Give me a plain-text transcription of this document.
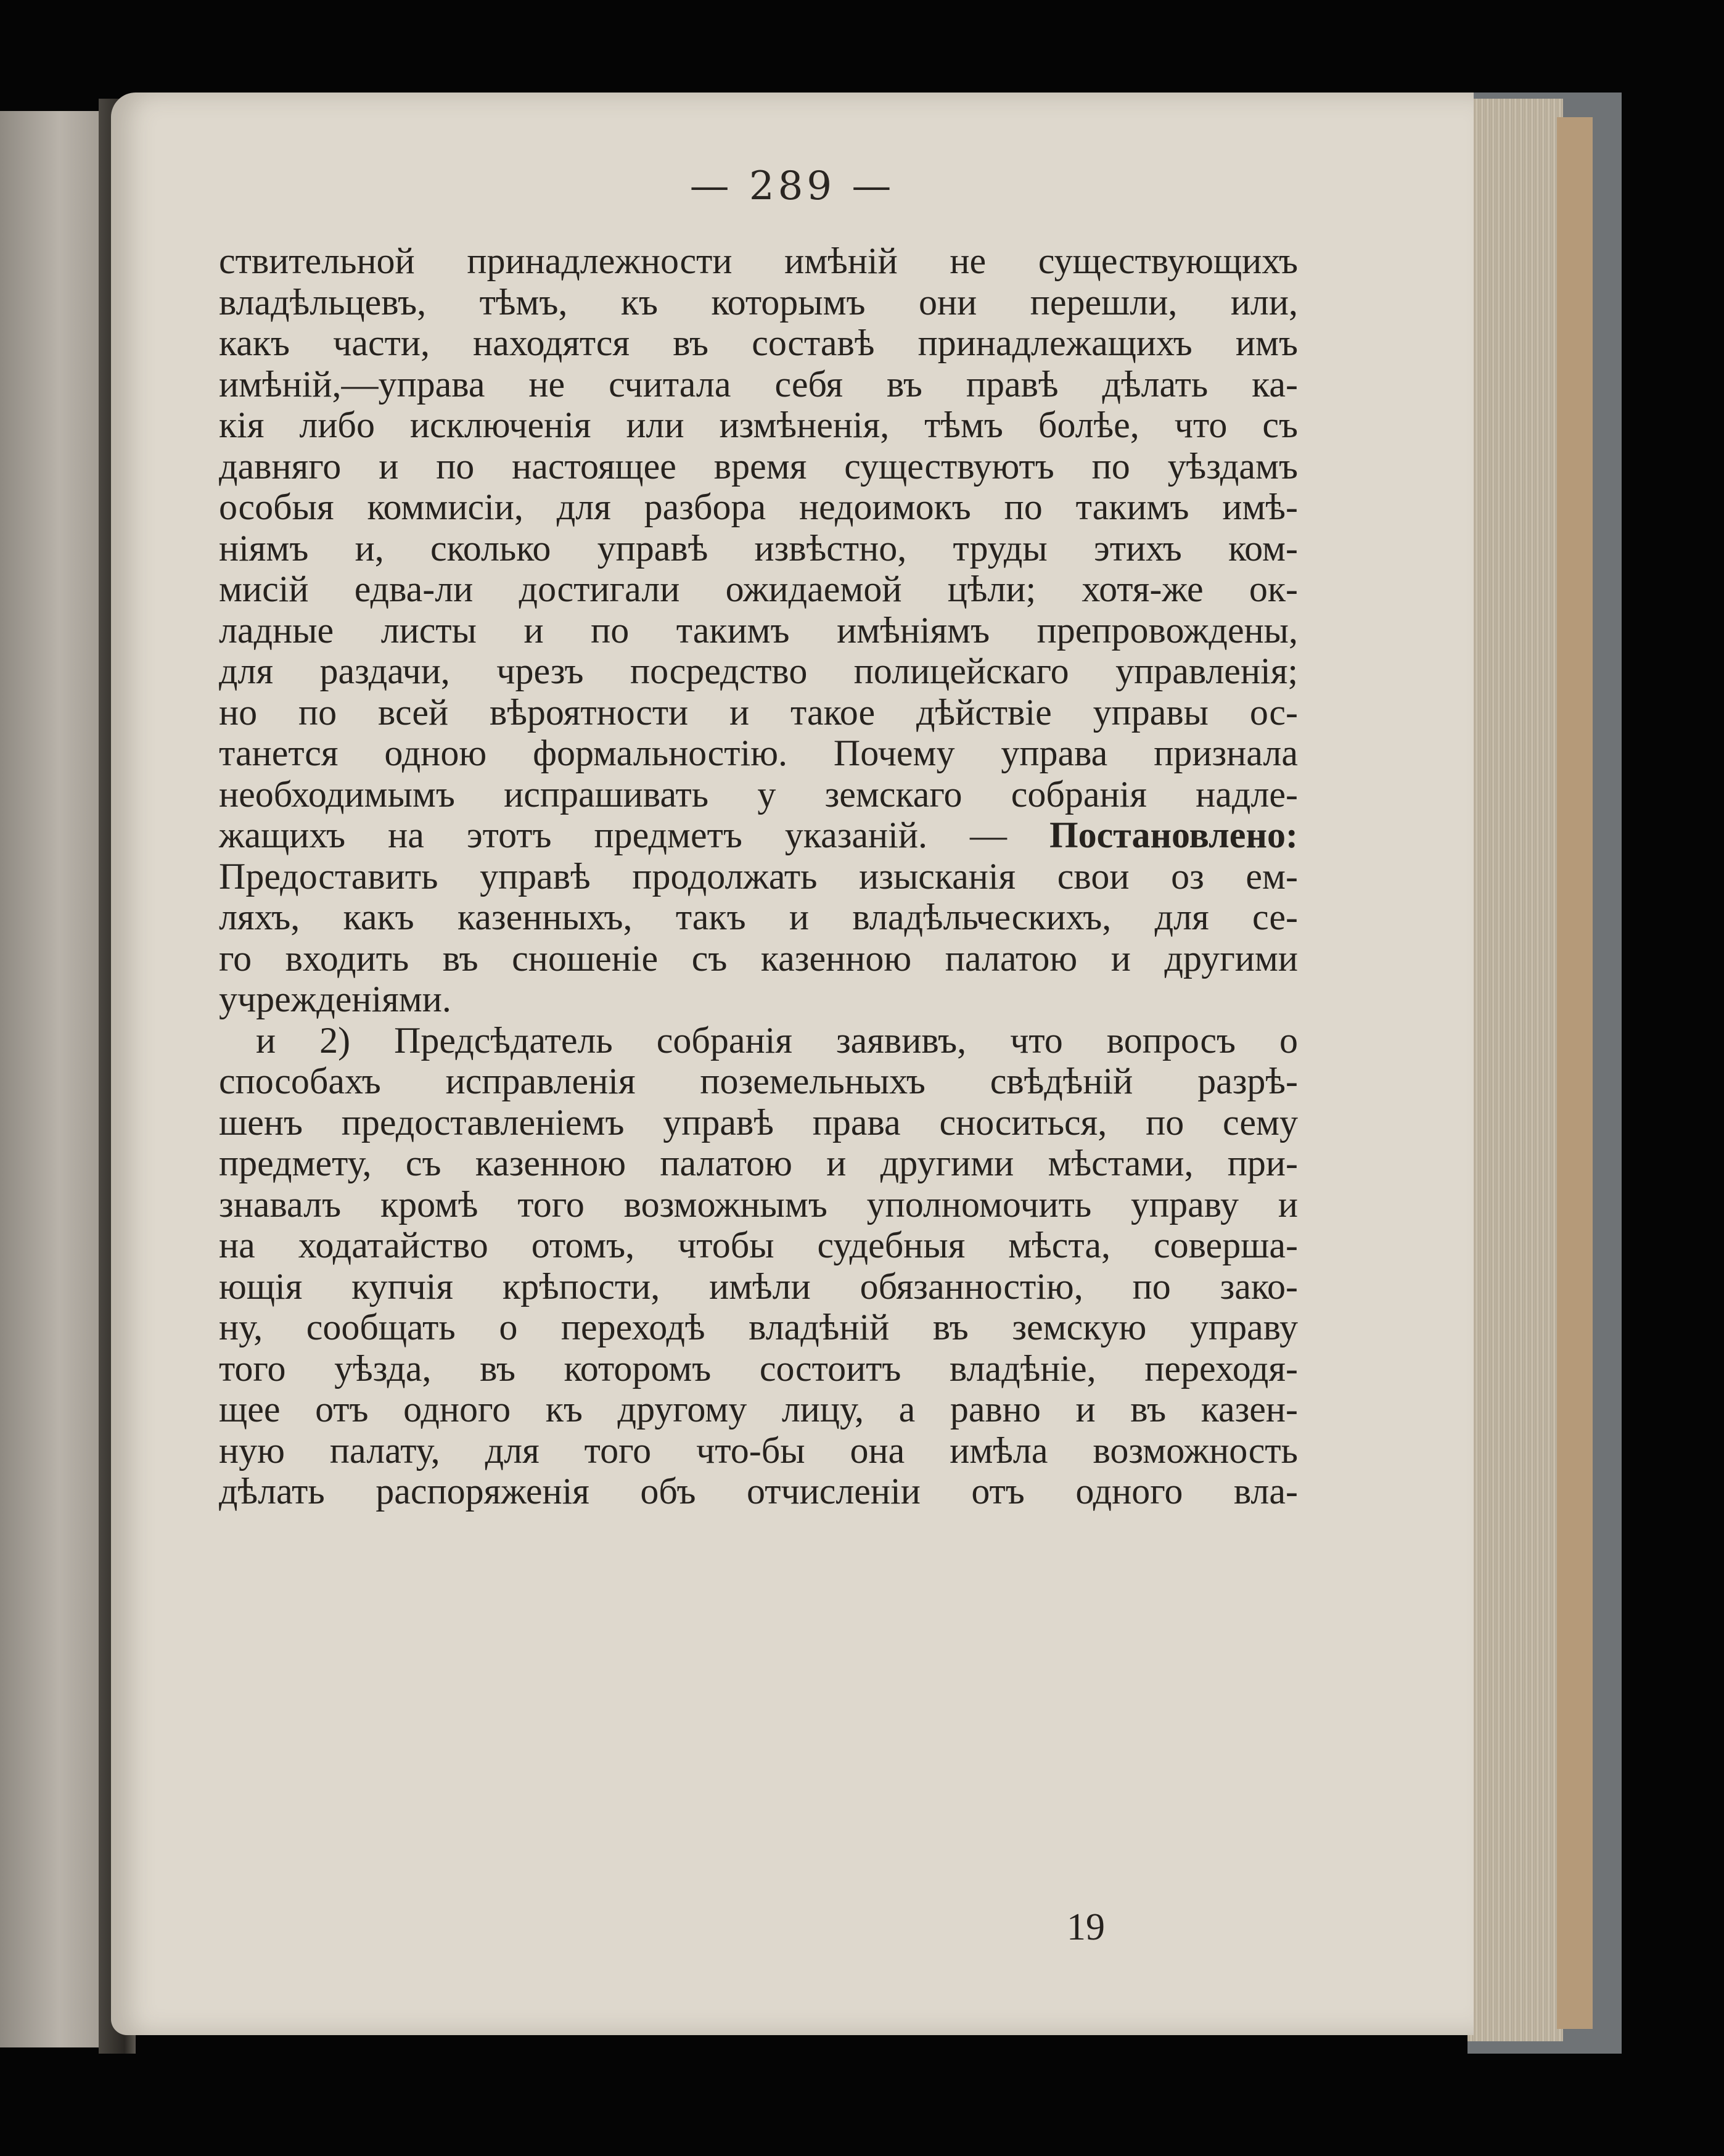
— 289 —
ствительной принадлежности имѣній не существующихъ
владѣльцевъ, тѣмъ, къ которымъ они перешли, или,
какъ части, находятся въ составѣ принадлежащихъ имъ
имѣній,—управа не считала себя въ правѣ дѣлать ка-
кія либо исключенія или измѣненія, тѣмъ болѣе, что съ
давняго и по настоящее время существуютъ по уѣздамъ
особыя коммисіи, для разбора недоимокъ по такимъ имѣ-
ніямъ и, сколько управѣ извѣстно, труды этихъ ком-
мисій едва-ли достигали ожидаемой цѣли; хотя-же ок-
ладные листы и по такимъ имѣніямъ препровождены,
для раздачи, чрезъ посредство полицейскаго управленія;
но по всей вѣроятности и такое дѣйствіе управы ос-
танется одною формальностію. Почему управа признала
необходимымъ испрашивать у земскаго собранія надле-
жащихъ на этотъ предметъ указаній. — Постановлено:
Предоставить управѣ продолжать изысканія свои оз ем-
ляхъ, какъ казенныхъ, такъ и владѣльческихъ, для се-
го входить въ сношеніе съ казенною палатою и другими
учрежденіями.
и 2) Предсѣдатель собранія заявивъ, что вопросъ о
способахъ исправленія поземельныхъ свѣдѣній разрѣ-
шенъ предоставленіемъ управѣ права сноситься, по сему
предмету, съ казенною палатою и другими мѣстами, при-
знавалъ кромѣ того возможнымъ уполномочить управу и
на ходатайство отомъ, чтобы судебныя мѣста, соверша-
ющія купчія крѣпости, имѣли обязанностію, по зако-
ну, сообщать о переходѣ владѣній въ земскую управу
того уѣзда, въ которомъ состоитъ владѣніе, переходя-
щее отъ одного къ другому лицу, а равно и въ казен-
ную палату, для того что-бы она имѣла возможность
дѣлать распоряженія объ отчисленіи отъ одного вла-
19
